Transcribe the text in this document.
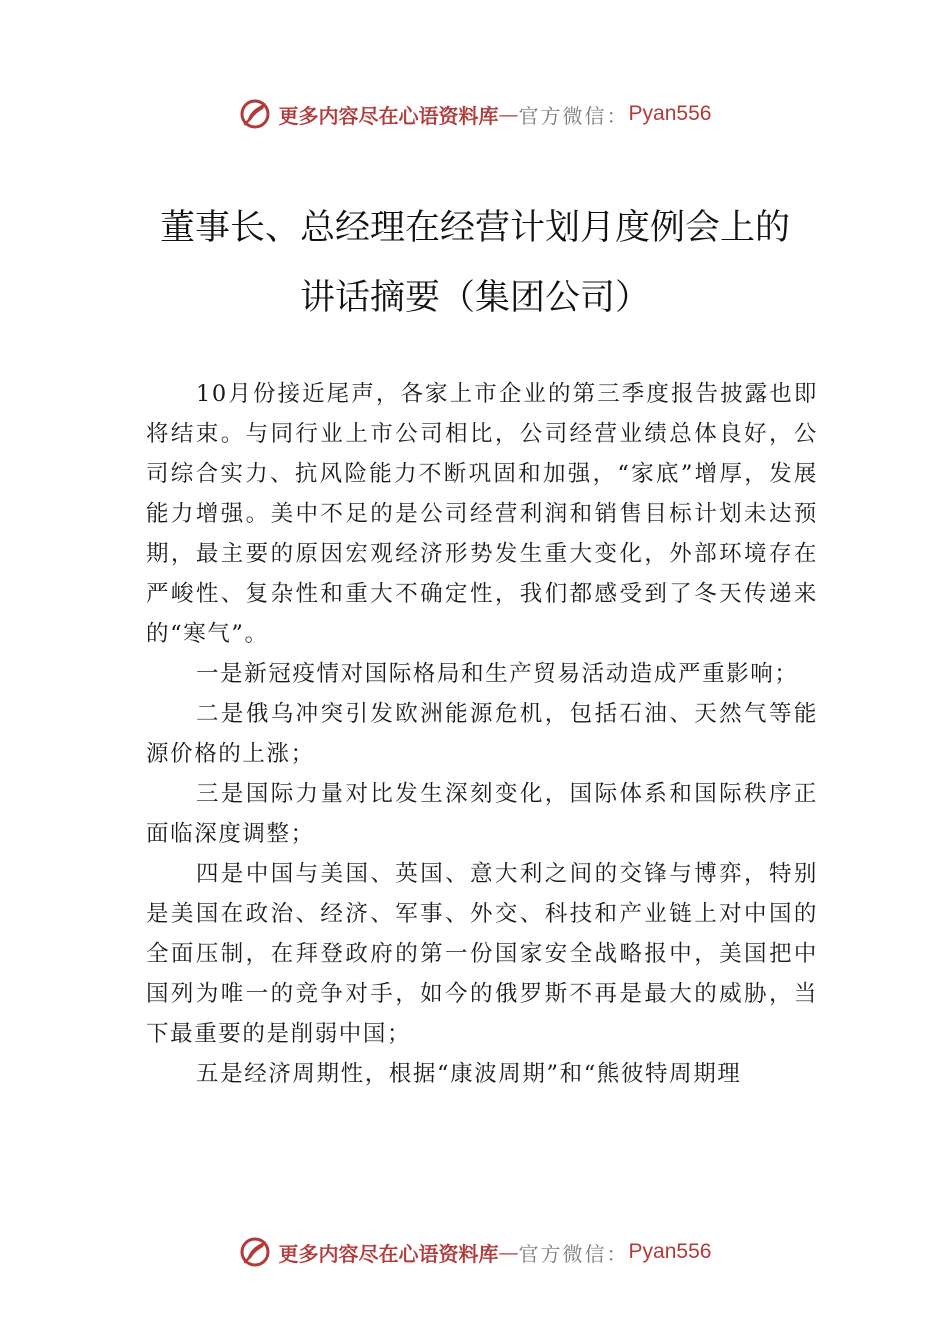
更多内容尽在心语资料库 — 官方微信： Pyan556
董事长、总经理在经营计划月度例会上的
讲话摘要（集团公司）

10月份接近尾声，各家上市企业的第三季度报告披露也即将结束。与同行业上市公司相比，公司经营业绩总体良好，公司综合实力、抗风险能力不断巩固和加强，“家底”增厚，发展能力增强。美中不足的是公司经营利润和销售目标计划未达预期，最主要的原因宏观经济形势发生重大变化，外部环境存在严峻性、复杂性和重大不确定性，我们都感受到了冬天传递来的“寒气”。

一是新冠疫情对国际格局和生产贸易活动造成严重影响；

二是俄乌冲突引发欧洲能源危机，包括石油、天然气等能源价格的上涨；

三是国际力量对比发生深刻变化，国际体系和国际秩序正面临深度调整；

四是中国与美国、英国、意大利之间的交锋与博弈，特别是美国在政治、经济、军事、外交、科技和产业链上对中国的全面压制，在拜登政府的第一份国家安全战略报中，美国把中国列为唯一的竞争对手，如今的俄罗斯不再是最大的威胁，当下最重要的是削弱中国；

五是经济周期性，根据“康波周期”和“熊彼特周期理

更多内容尽在心语资料库 — 官方微信： Pyan556
